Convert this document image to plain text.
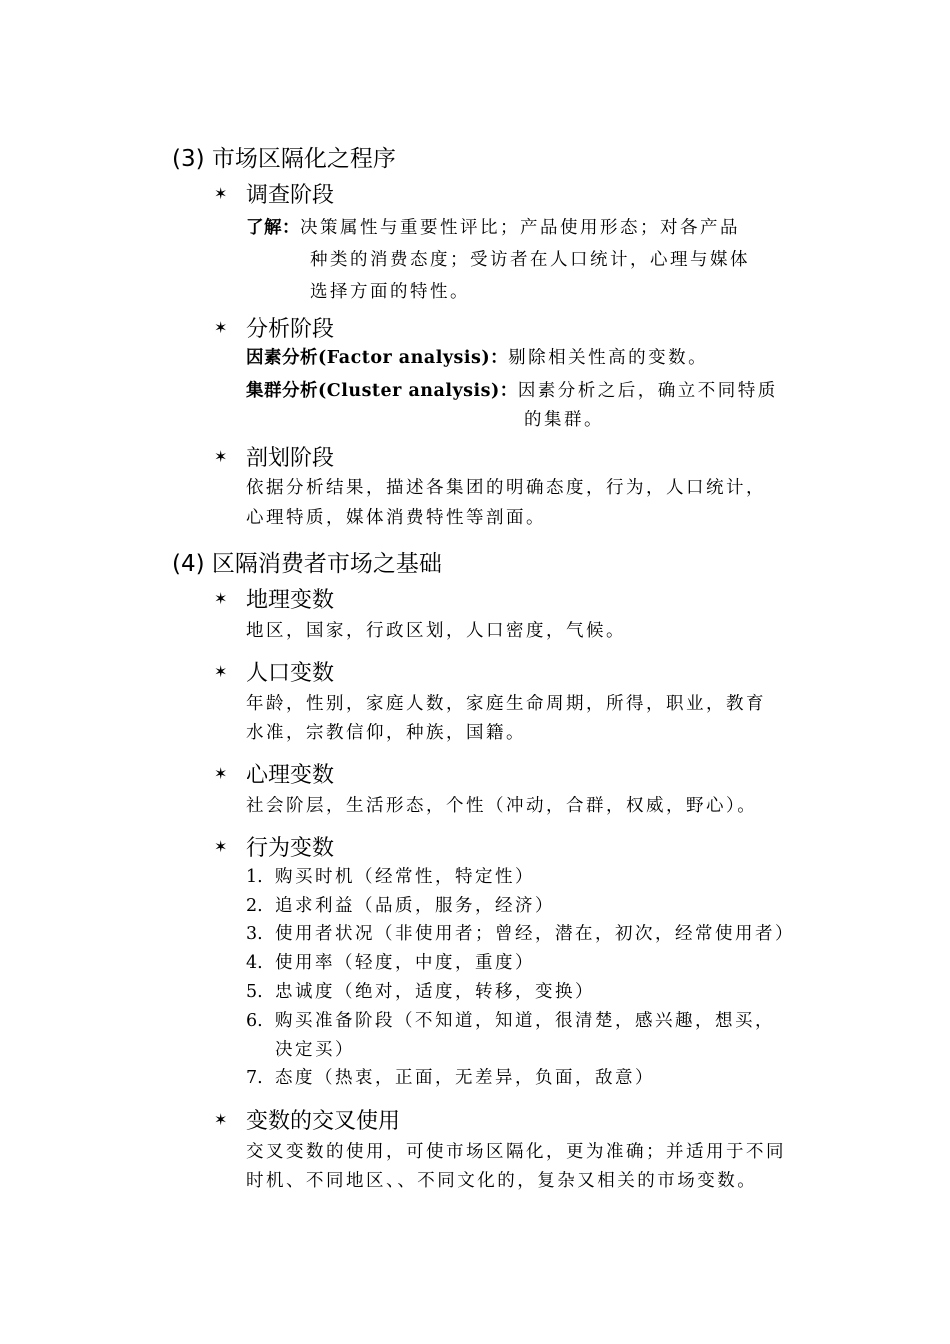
(3) 市场区隔化之程序
✶ 调查阶段
了解：决策属性与重要性评比；产品使用形态；对各产品
种类的消费态度；受访者在人口统计，心理与媒体
选择方面的特性。
✶ 分析阶段
因素分析(Factor analysis)：剔除相关性高的变数。
集群分析(Cluster analysis)：因素分析之后，确立不同特质
的集群。
✶ 剖划阶段
依据分析结果，描述各集团的明确态度，行为，人口统计，
心理特质，媒体消费特性等剖面。
(4) 区隔消费者市场之基础
✶ 地理变数
地区，国家，行政区划，人口密度，气候。
✶ 人口变数
年龄，性别，家庭人数，家庭生命周期，所得，职业，教育
水准，宗教信仰，种族，国籍。
✶ 心理变数
社会阶层，生活形态，个性（冲动，合群，权威，野心）。
✶ 行为变数
1. 购买时机（经常性，特定性）
2. 追求利益（品质，服务，经济）
3. 使用者状况（非使用者；曾经，潜在，初次，经常使用者）
4. 使用率（轻度，中度，重度）
5. 忠诚度（绝对，适度，转移，变换）
6. 购买准备阶段（不知道，知道，很清楚，感兴趣，想买，
决定买）
7. 态度（热衷，正面，无差异，负面，敌意）
✶ 变数的交叉使用
交叉变数的使用，可使市场区隔化，更为准确；并适用于不同
时机、不同地区、、不同文化的，复杂又相关的市场变数。
